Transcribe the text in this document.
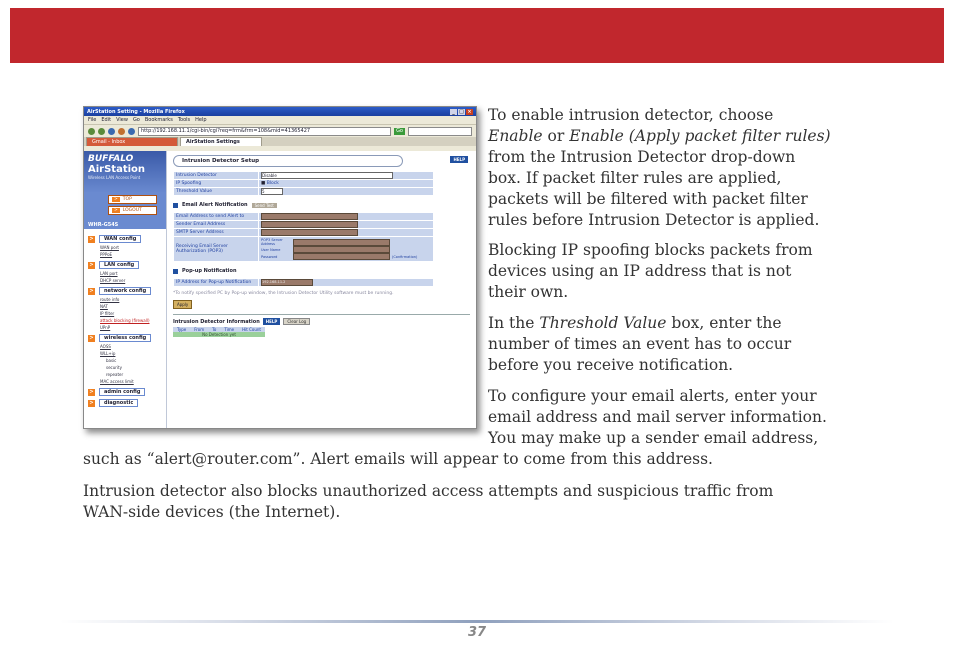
AirStation Setting - Mozilla Firefox	_ □ ×
File Edit View Go Bookmarks Tools Help
http://192.168.11.1/cgi-bin/cgi?req=frm&frm=108&mid=41365427	Go
Gmail - Inbox	AirStation Settings
BUFFALO
AirStation
Wireless LAN Access Point
>	TOP
>	LOGOUT
WHR-G54S
>	WAN config
WAN port
PPPoE
>	LAN config
LAN port
DHCP server
>	network config
route info
NAT
IP filter
attack blocking (firewall)
UPnP
>	wireless config
AOSS
WLL+ip
basic
security
repeater
MAC access limit
>	admin config
>	diagnostic
Intrusion Detector Setup	HELP
Intrusion Detector	Disable

IP Spoofing	■ Block
Threshold Value	5
Email Alert Notification	Send Test
Email Address to send Alert to	

Sender Email Address	

SMTP Server Address	

Receiving Email Server Authorization (POP3)	POP3 Server Address
User Name
Password (Confirmation)
Pop-up Notification
IP Address for Pop-up Notification	192.168.11.2
*To notify specified PC by Pop-up window, the Intrusion Detector Utility software must be running.
Apply
Intrusion Detector Information	HELP	Clear Log
Type	From	To	Time	Hit Count
No Detection yet

To enable intrusion detector, choose
Enable or Enable (Apply packet filter rules)
from the Intrusion Detector drop-down
box. If packet filter rules are applied,
packets will be filtered with packet filter
rules before Intrusion Detector is applied.

Blocking IP spoofing blocks packets from
devices using an IP address that is not
their own.

In the Threshold Value box, enter the
number of times an event has to occur
before you receive notification.

To configure your email alerts, enter your
email address and mail server information.
You may make up a sender email address,

such as “alert@router.com”. Alert emails will appear to come from this address.

Intrusion detector also blocks unauthorized access attempts and suspicious traffic from
WAN-side devices (the Internet).

37
